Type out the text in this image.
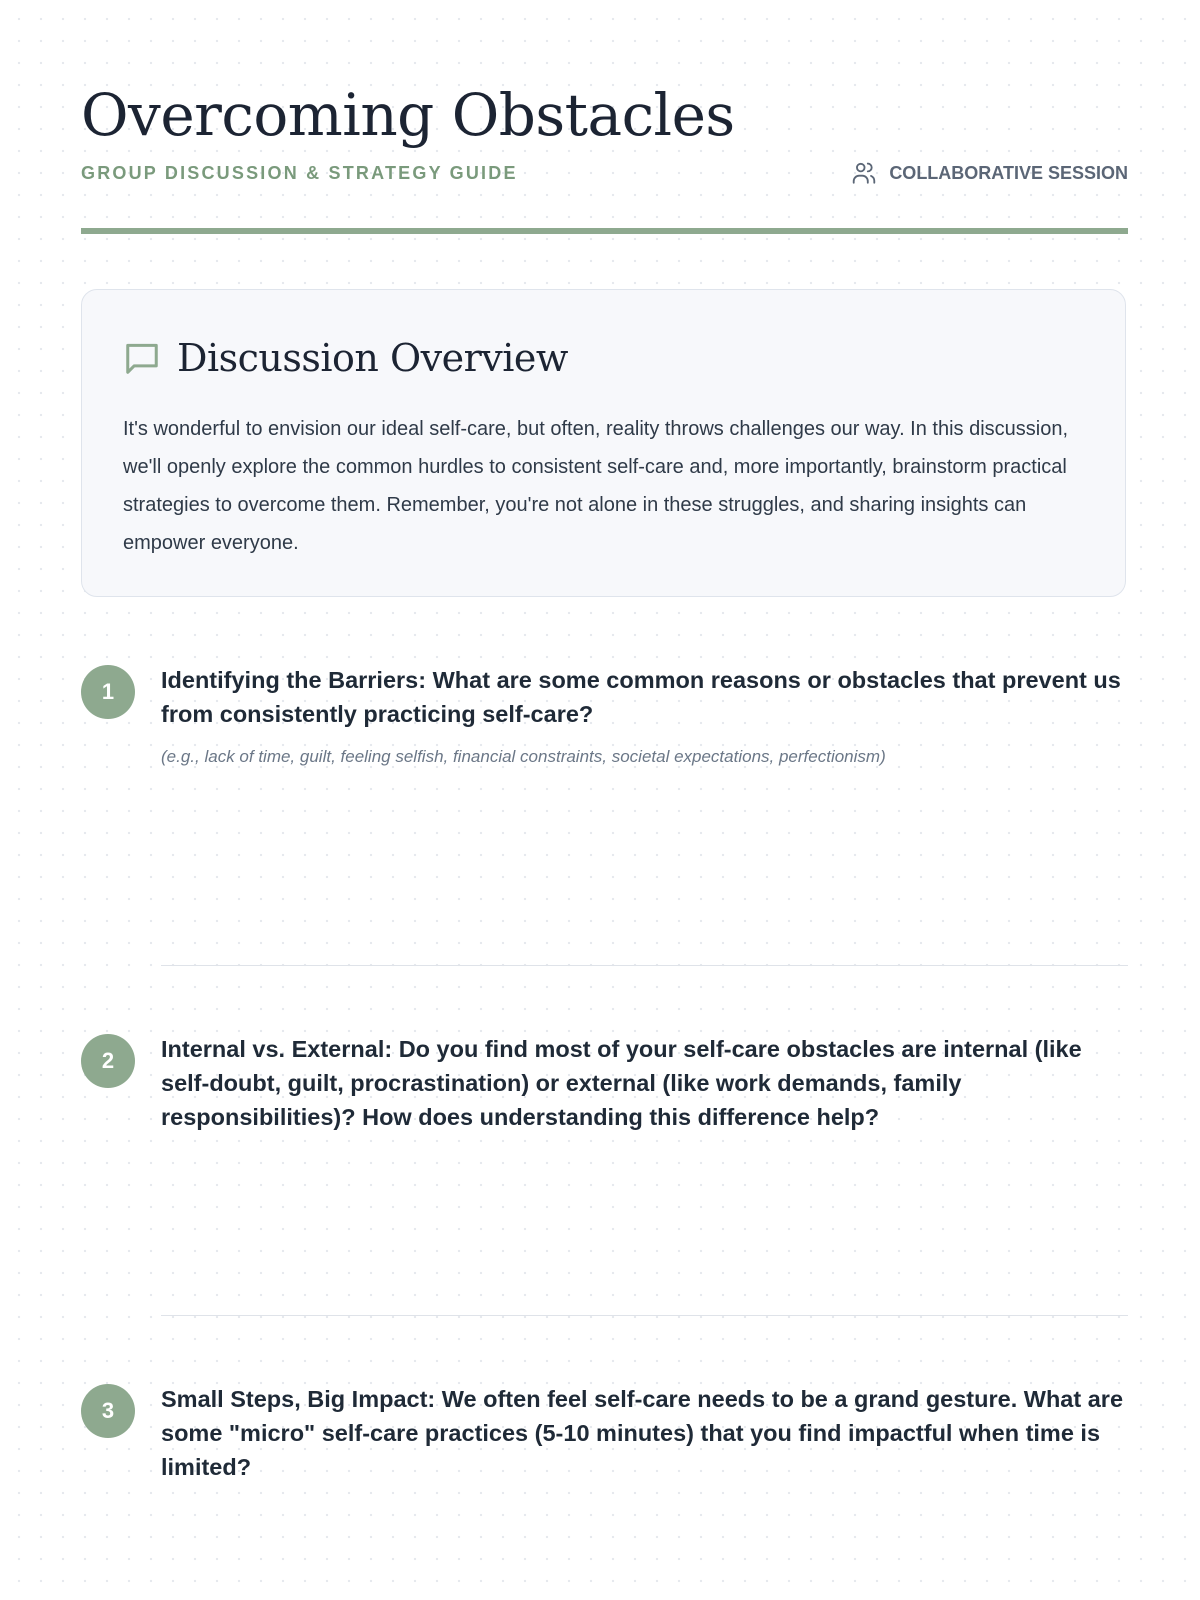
Overcoming Obstacles
GROUP DISCUSSION & STRATEGY GUIDE	COLLABORATIVE SESSION
Discussion Overview

It's wonderful to envision our ideal self-care, but often, reality throws challenges our way. In this discussion, we'll openly explore the common hurdles to consistent self-care and, more importantly, brainstorm practical strategies to overcome them. Remember, you're not alone in these struggles, and sharing insights can empower everyone.

1	Identifying the Barriers: What are some common reasons or obstacles that prevent us from consistently practicing self-care?
(e.g., lack of time, guilt, feeling selfish, financial constraints, societal expectations, perfectionism)
2	Internal vs. External: Do you find most of your self-care obstacles are internal (like self-doubt, guilt, procrastination) or external (like work demands, family responsibilities)? How does understanding this difference help?
3	Small Steps, Big Impact: We often feel self-care needs to be a grand gesture. What are some "micro" self-care practices (5-10 minutes) that you find impactful when time is limited?
